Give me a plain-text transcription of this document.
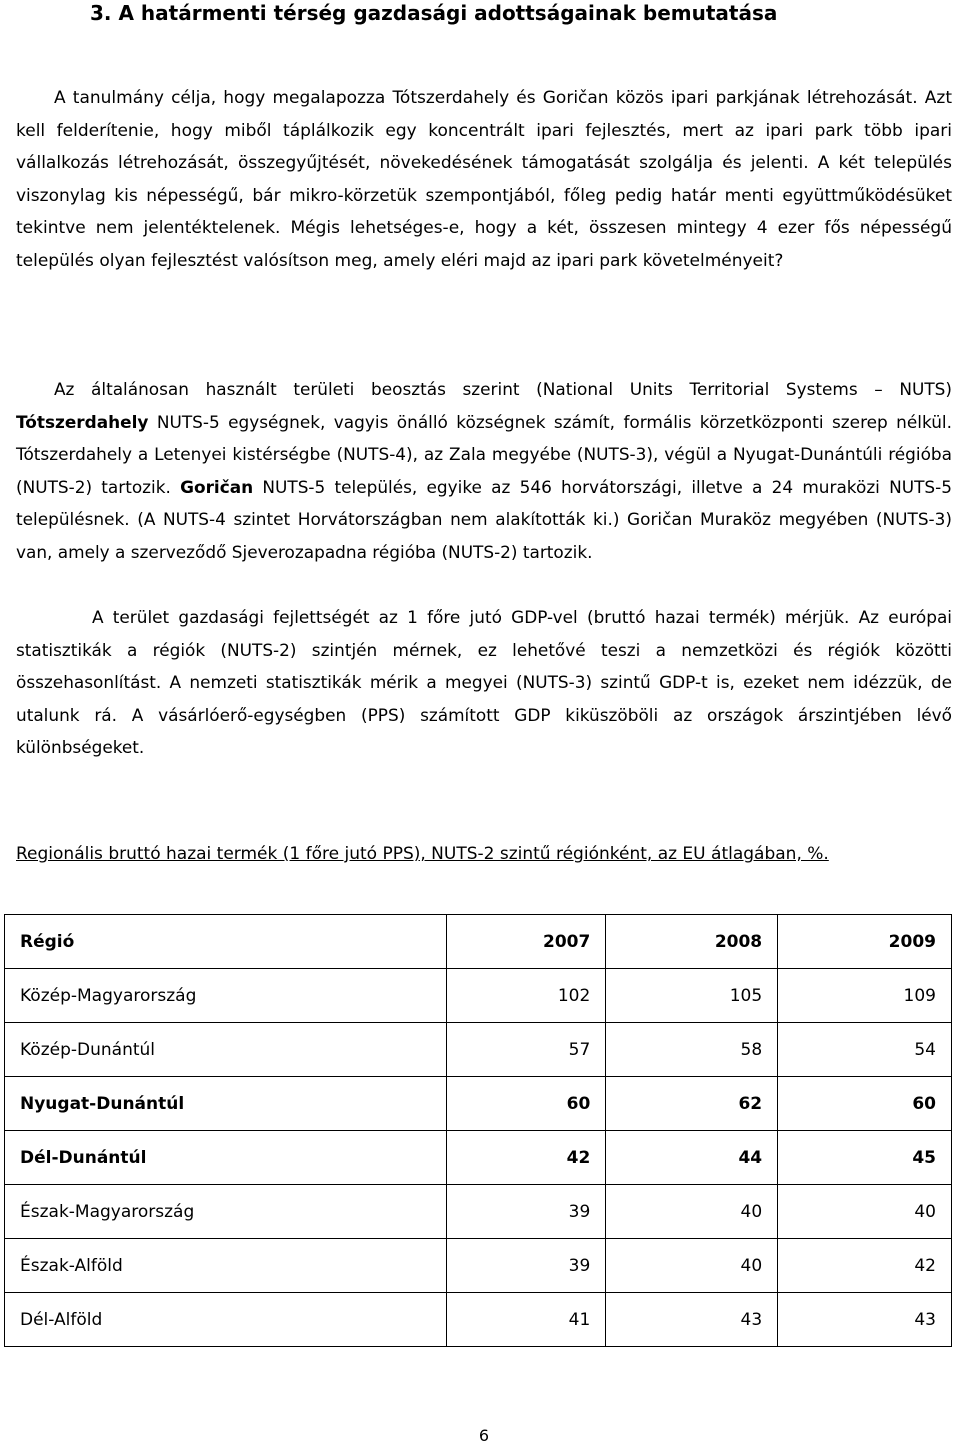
3. A határmenti térség gazdasági adottságainak bemutatása

A tanulmány célja, hogy megalapozza Tótszerdahely és Goričan közös ipari parkjának létrehozását. Azt kell felderítenie, hogy miből táplálkozik egy koncentrált ipari fejlesztés, mert az ipari park több ipari vállalkozás létrehozását, összegyűjtését, növekedésének támogatását szolgálja és jelenti. A két település viszonylag kis népességű, bár mikro-körzetük szempontjából, főleg pedig határ menti együttműködésüket tekintve nem jelentéktelenek. Mégis lehetséges-e, hogy a két, összesen mintegy 4 ezer fős népességű település olyan fejlesztést valósítson meg, amely eléri majd az ipari park követelményeit?

Az általánosan használt területi beosztás szerint (National Units Territorial Systems – NUTS) Tótszerdahely NUTS-5 egységnek, vagyis önálló községnek számít, formális körzetközponti szerep nélkül. Tótszerdahely a Letenyei kistérségbe (NUTS-4), az Zala megyébe (NUTS-3), végül a Nyugat-Dunántúli régióba (NUTS-2) tartozik. Goričan NUTS-5 település, egyike az 546 horvátországi, illetve a 24 muraközi NUTS-5 településnek. (A NUTS-4 szintet Horvátországban nem alakították ki.) Goričan Muraköz megyében (NUTS-3) van, amely a szerveződő Sjeverozapadna régióba (NUTS-2) tartozik.

A terület gazdasági fejlettségét az 1 főre jutó GDP-vel (bruttó hazai termék) mérjük. Az európai statisztikák a régiók (NUTS-2) szintjén mérnek, ez lehetővé teszi a nemzetközi és régiók közötti összehasonlítást. A nemzeti statisztikák mérik a megyei (NUTS-3) szintű GDP-t is, ezeket nem idézzük, de utalunk rá. A vásárlóerő-egységben (PPS) számított GDP kiküszöböli az országok árszintjében lévő különbségeket.

Regionális bruttó hazai termék (1 főre jutó PPS), NUTS-2 szintű régiónként, az EU átlagában, %.
Régió	2007	2008	2009
Közép-Magyarország	102	105	109
Közép-Dunántúl	57	58	54
Nyugat-Dunántúl	60	62	60
Dél-Dunántúl	42	44	45
Észak-Magyarország	39	40	40
Észak-Alföld	39	40	42
Dél-Alföld	41	43	43
6
